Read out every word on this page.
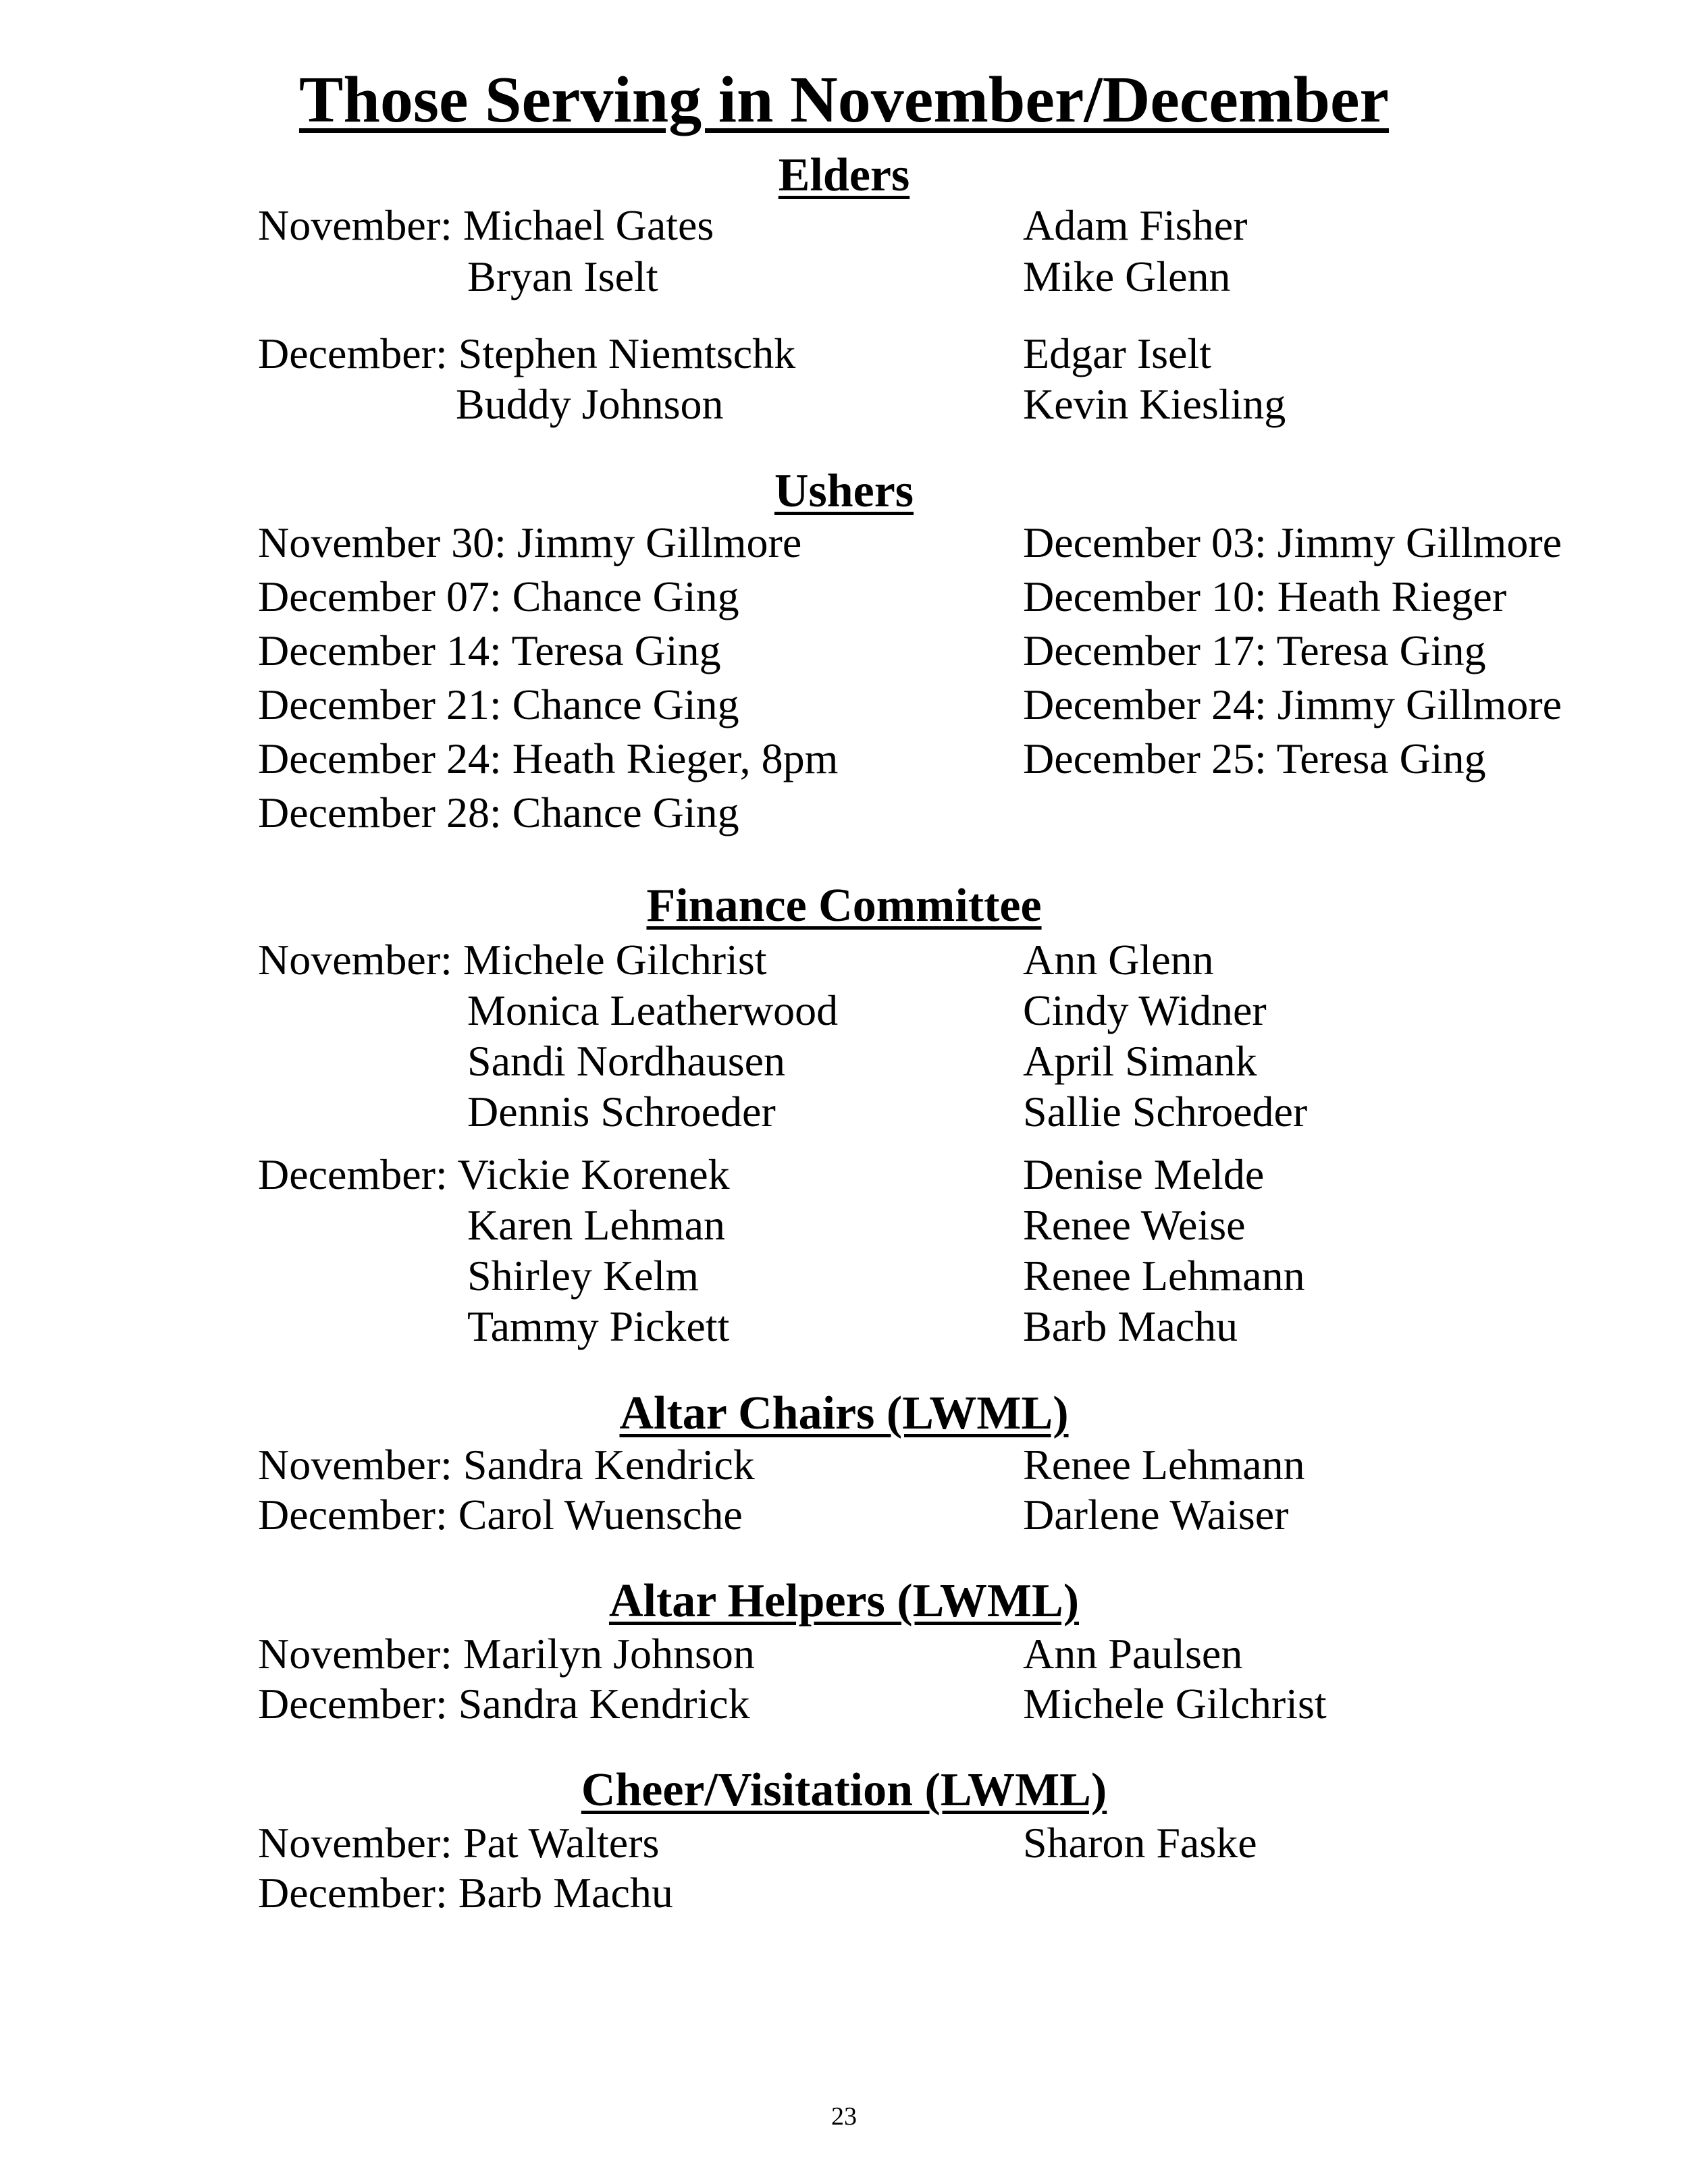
Those Serving in November/December
Elders
November: Michael Gates	Adam Fisher
Bryan Iselt	Mike Glenn
December: Stephen Niemtschk	Edgar Iselt
Buddy Johnson	Kevin Kiesling
Ushers
November 30: Jimmy Gillmore	December 03: Jimmy Gillmore
December 07: Chance Ging	December 10: Heath Rieger
December 14: Teresa Ging	December 17: Teresa Ging
December 21: Chance Ging	December 24: Jimmy Gillmore
December 24: Heath Rieger, 8pm	December 25: Teresa Ging
December 28: Chance Ging
Finance Committee
November: Michele Gilchrist	Ann Glenn
Monica Leatherwood	Cindy Widner
Sandi Nordhausen	April Simank
Dennis Schroeder	Sallie Schroeder
December: Vickie Korenek	Denise Melde
Karen Lehman	Renee Weise
Shirley Kelm	Renee Lehmann
Tammy Pickett	Barb Machu
Altar Chairs (LWML)
November: Sandra Kendrick	Renee Lehmann
December: Carol Wuensche	Darlene Waiser
Altar Helpers (LWML)
November: Marilyn Johnson	Ann Paulsen
December: Sandra Kendrick	Michele Gilchrist
Cheer/Visitation (LWML)
November: Pat Walters	Sharon Faske
December: Barb Machu
23
